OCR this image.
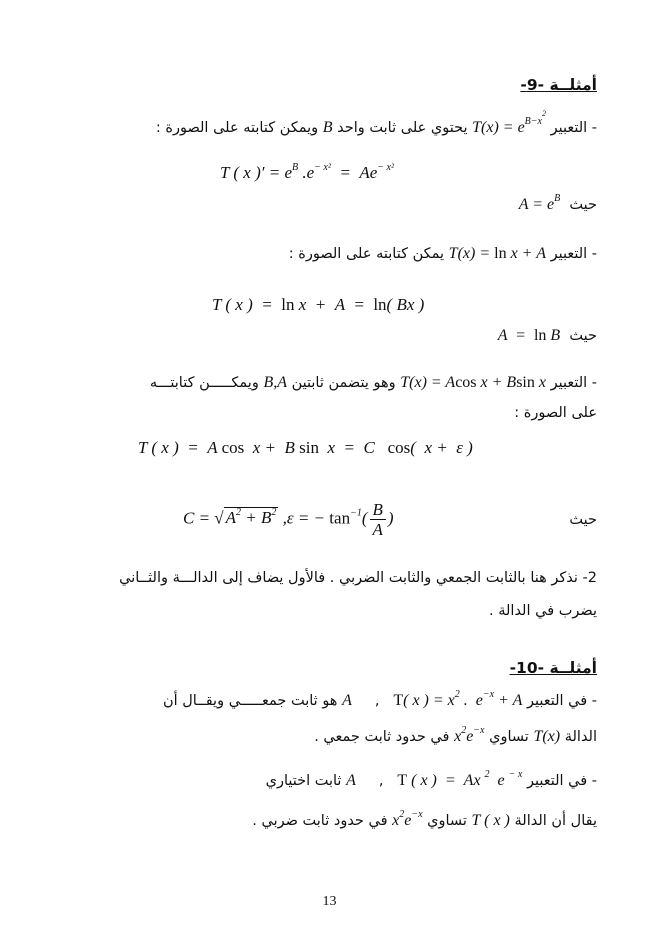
أمثلــة -9-
- التعبير $T(x) = e^{B-x^2}$ يحتوي على ثابت واحد B ويمكن كتابته على الصورة :
T ( x )′ = $e^B$ $.e^{- x^2} = Ae^{- x^2}$
حيث  $A = e^B$
- التعبير T(x) = ln x + A يمكن كتابته على الصورة :
T ( x )  =  ln x  +  A  =  ln( Bx )
حيث  A  =  ln B
- التعبير T(x) = Acos x + Bsin x وهو يتضمن ثابتين B,A ويمكـــــن كتابتـــه
على الصورة :
T ( x )  =  A cos  x +  B sin  x  =  C   cos(  x +  ε )
C = √ $A^2 + B^2$ ,ε = − $\tan^{-1}( \frac{B}{A}$ )	حيث
2- نذكر هنا بالثابت الجمعي والثابت الضربي . فالأول يضاف إلى الدالـــة والثــاني
يضرب في الدالة .
أمثلــة -10-
- في التعبير T( x ) = $x^2$ .  $e^{-x} + A$   ,     A هو ثابت جمعـــــي ويقــال أن
الدالة T(x) تساوي $x^2e^{-x}$ في حدود ثابت جمعي .
- في التعبير T ( x )  =  Ax $^2$  e $^{- x}$   ,     A ثابت اختياري
يقال أن الدالة T ( x ) تساوي $x^2e^{-x}$ في حدود ثابت ضربي .
13
